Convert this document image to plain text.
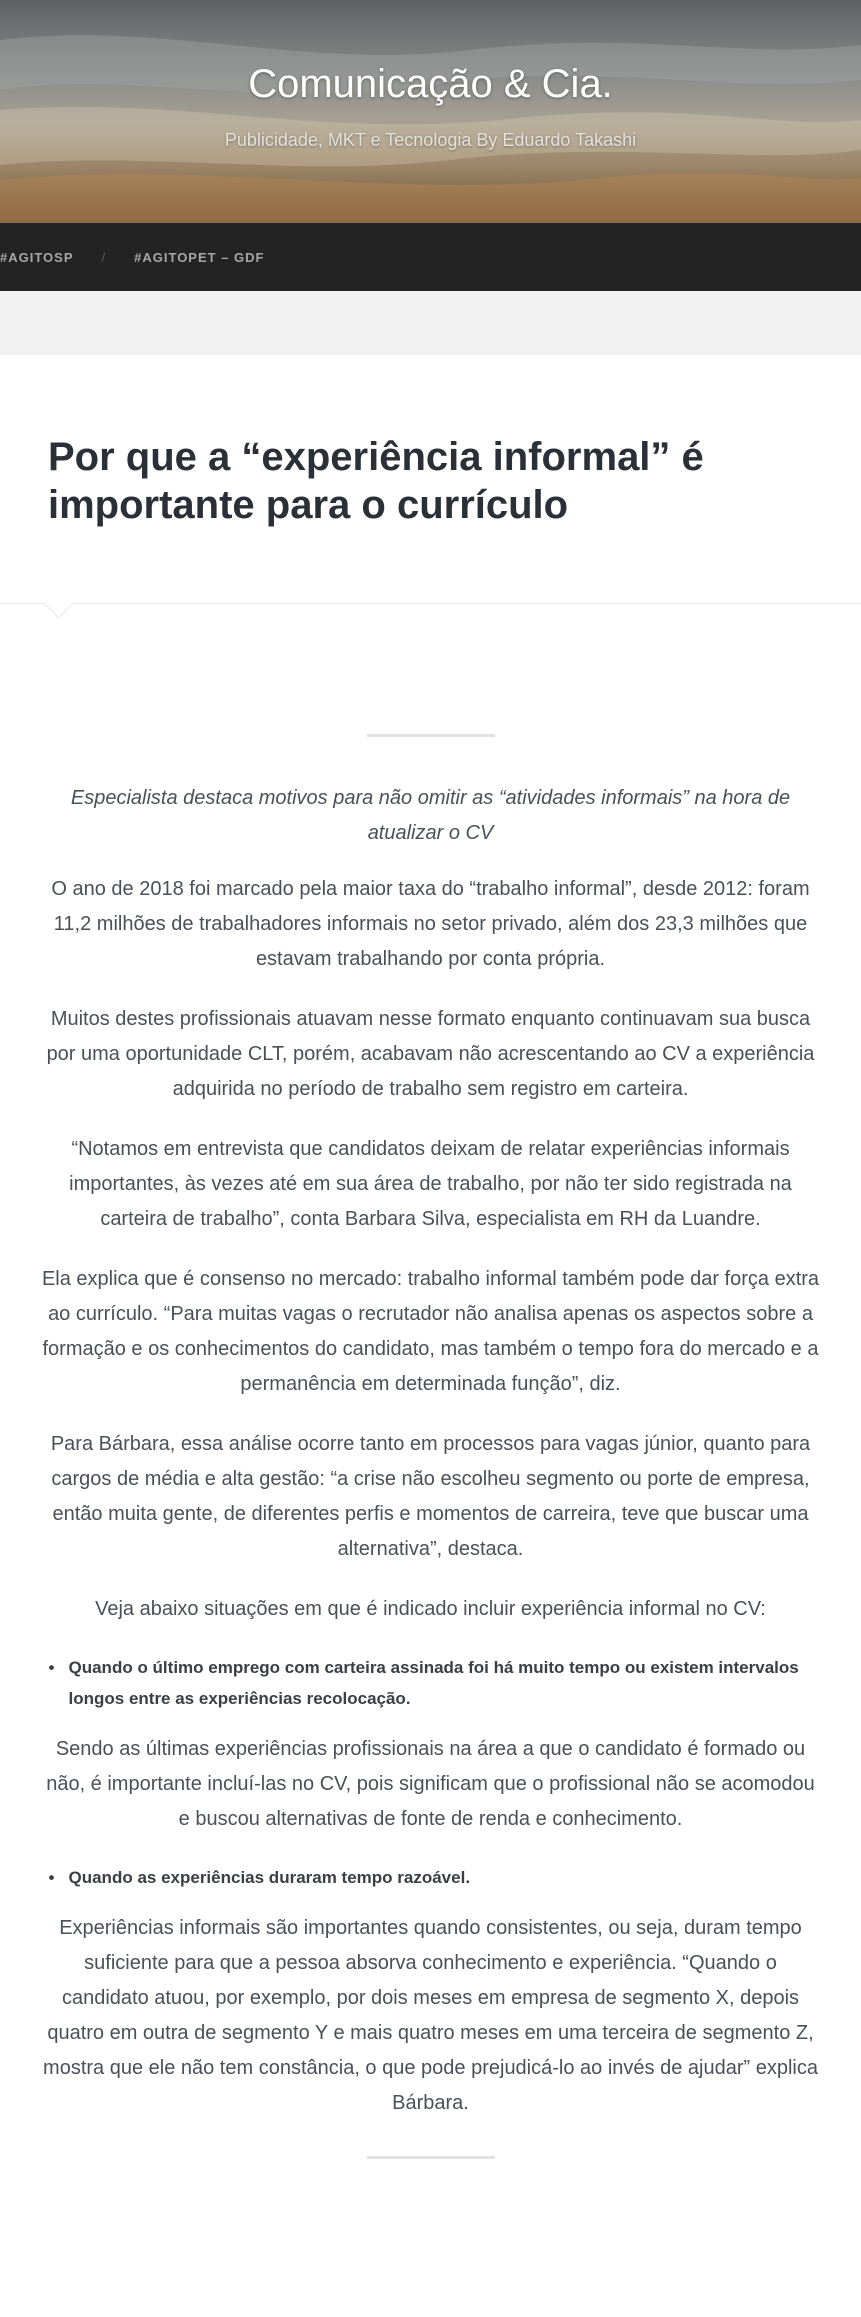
Comunicação & Cia.
Publicidade, MKT e Tecnologia By Eduardo Takashi
#AGITOSP / #AGITOPET – GDF
Por que a “experiência informal” é importante para o currículo

Especialista destaca motivos para não omitir as “atividades informais” na hora de atualizar o CV

O ano de 2018 foi marcado pela maior taxa do “trabalho informal”, desde 2012: foram 11,2 milhões de trabalhadores informais no setor privado, além dos 23,3 milhões que estavam trabalhando por conta própria.

Muitos destes profissionais atuavam nesse formato enquanto continuavam sua busca por uma oportunidade CLT, porém, acabavam não acrescentando ao CV a experiência adquirida no período de trabalho sem registro em carteira.

“Notamos em entrevista que candidatos deixam de relatar experiências informais importantes, às vezes até em sua área de trabalho, por não ter sido registrada na carteira de trabalho”, conta Barbara Silva, especialista em RH da Luandre.

Ela explica que é consenso no mercado: trabalho informal também pode dar força extra ao currículo. “Para muitas vagas o recrutador não analisa apenas os aspectos sobre a formação e os conhecimentos do candidato, mas também o tempo fora do mercado e a permanência em determinada função”, diz.

Para Bárbara, essa análise ocorre tanto em processos para vagas júnior, quanto para cargos de média e alta gestão: “a crise não escolheu segmento ou porte de empresa, então muita gente, de diferentes perfis e momentos de carreira, teve que buscar uma alternativa”, destaca.

Veja abaixo situações em que é indicado incluir experiência informal no CV:

• Quando o último emprego com carteira assinada foi há muito tempo ou existem intervalos longos entre as experiências recolocação.

Sendo as últimas experiências profissionais na área a que o candidato é formado ou não, é importante incluí-las no CV, pois significam que o profissional não se acomodou e buscou alternativas de fonte de renda e conhecimento.

• Quando as experiências duraram tempo razoável.

Experiências informais são importantes quando consistentes, ou seja, duram tempo suficiente para que a pessoa absorva conhecimento e experiência. “Quando o candidato atuou, por exemplo, por dois meses em empresa de segmento X, depois quatro em outra de segmento Y e mais quatro meses em uma terceira de segmento Z, mostra que ele não tem constância, o que pode prejudicá-lo ao invés de ajudar” explica Bárbara.
